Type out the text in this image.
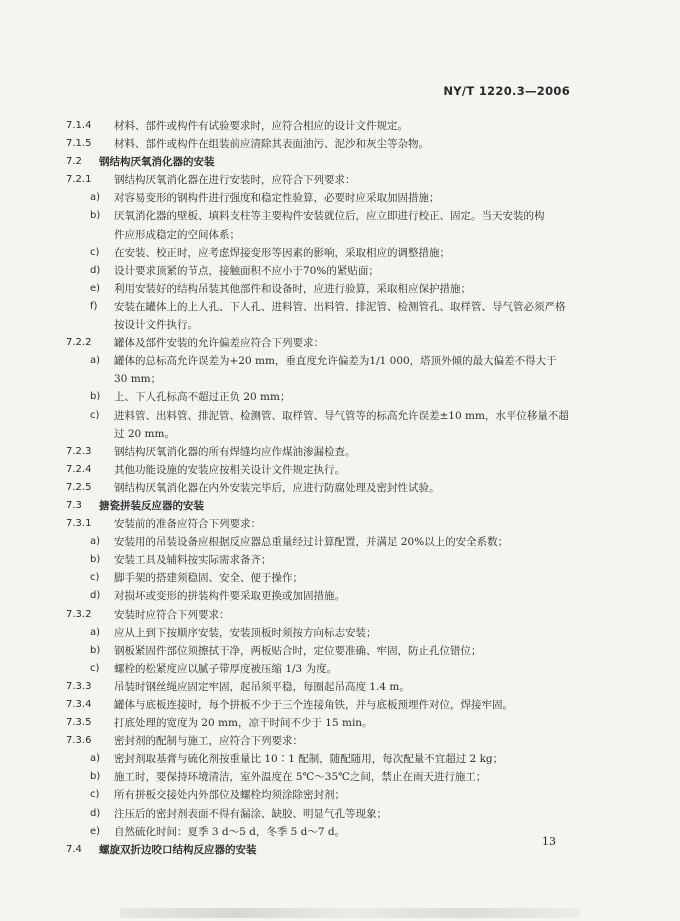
NY/T 1220.3—2006
7.1.4 材料、部件或构件有试验要求时，应符合相应的设计文件规定。
7.1.5 材料、部件或构件在组装前应清除其表面油污、泥沙和灰尘等杂物。
7.2 钢结构厌氧消化器的安装
7.2.1 钢结构厌氧消化器在进行安装时，应符合下列要求：
a) 对容易变形的钢构件进行强度和稳定性验算，必要时应采取加固措施；
b) 厌氧消化器的壁板、填料支柱等主要构件安装就位后，应立即进行校正、固定。当天安装的构
件应形成稳定的空间体系；
c) 在安装、校正时，应考虑焊接变形等因素的影响，采取相应的调整措施；
d) 设计要求顶紧的节点，接触面积不应小于70%的紧贴面；
e) 利用安装好的结构吊装其他部件和设备时，应进行验算，采取相应保护措施；
f) 安装在罐体上的上人孔、下人孔、进料管、出料管、排泥管、检测管孔、取样管、导气管必须严格
按设计文件执行。
7.2.2 罐体及部件安装的允许偏差应符合下列要求：
a) 罐体的总标高允许误差为+20 mm，垂直度允许偏差为1/1 000，塔顶外倾的最大偏差不得大于
30 mm；
b) 上、下人孔标高不超过正负 20 mm；
c) 进料管、出料管、排泥管、检测管、取样管、导气管等的标高允许误差±10 mm，水平位移量不超
过 20 mm。
7.2.3 钢结构厌氧消化器的所有焊缝均应作煤油渗漏检查。
7.2.4 其他功能设施的安装应按相关设计文件规定执行。
7.2.5 钢结构厌氧消化器在内外安装完毕后，应进行防腐处理及密封性试验。
7.3 搪瓷拼装反应器的安装
7.3.1 安装前的准备应符合下列要求：
a) 安装用的吊装设备应根据反应器总重量经过计算配置，并满足 20%以上的安全系数；
b) 安装工具及辅料按实际需求备齐；
c) 脚手架的搭建须稳固、安全、便于操作；
d) 对损坏或变形的拼装构件要采取更换或加固措施。
7.3.2 安装时应符合下列要求：
a) 应从上到下按顺序安装，安装顶板时须按方向标志安装；
b) 钢板紧固件部位须擦拭干净，两板贴合时，定位要准确、牢固，防止孔位错位；
c) 螺栓的松紧度应以腻子带厚度被压缩 1/3 为度。
7.3.3 吊装时钢丝绳应固定牢固，起吊须平稳，每圈起吊高度 1.4 m。
7.3.4 罐体与底板连接时，每个拼板不少于三个连接角铁，并与底板预埋件对位，焊接牢固。
7.3.5 打底处理的宽度为 20 mm，凉干时间不少于 15 min。
7.3.6 密封剂的配制与施工，应符合下列要求：
a) 密封剂取基膏与硫化剂按重量比 10∶1 配制，随配随用，每次配量不宜超过 2 kg；
b) 施工时，要保持环境清洁，室外温度在 5℃～35℃之间，禁止在雨天进行施工；
c) 所有拼板交接处内外部位及螺栓均须涂除密封剂；
d) 注压后的密封剂表面不得有漏涂、缺胶、明显气孔等现象；
e) 自然硫化时间：夏季 3 d～5 d，冬季 5 d～7 d。
7.4 螺旋双折边咬口结构反应器的安装
13
